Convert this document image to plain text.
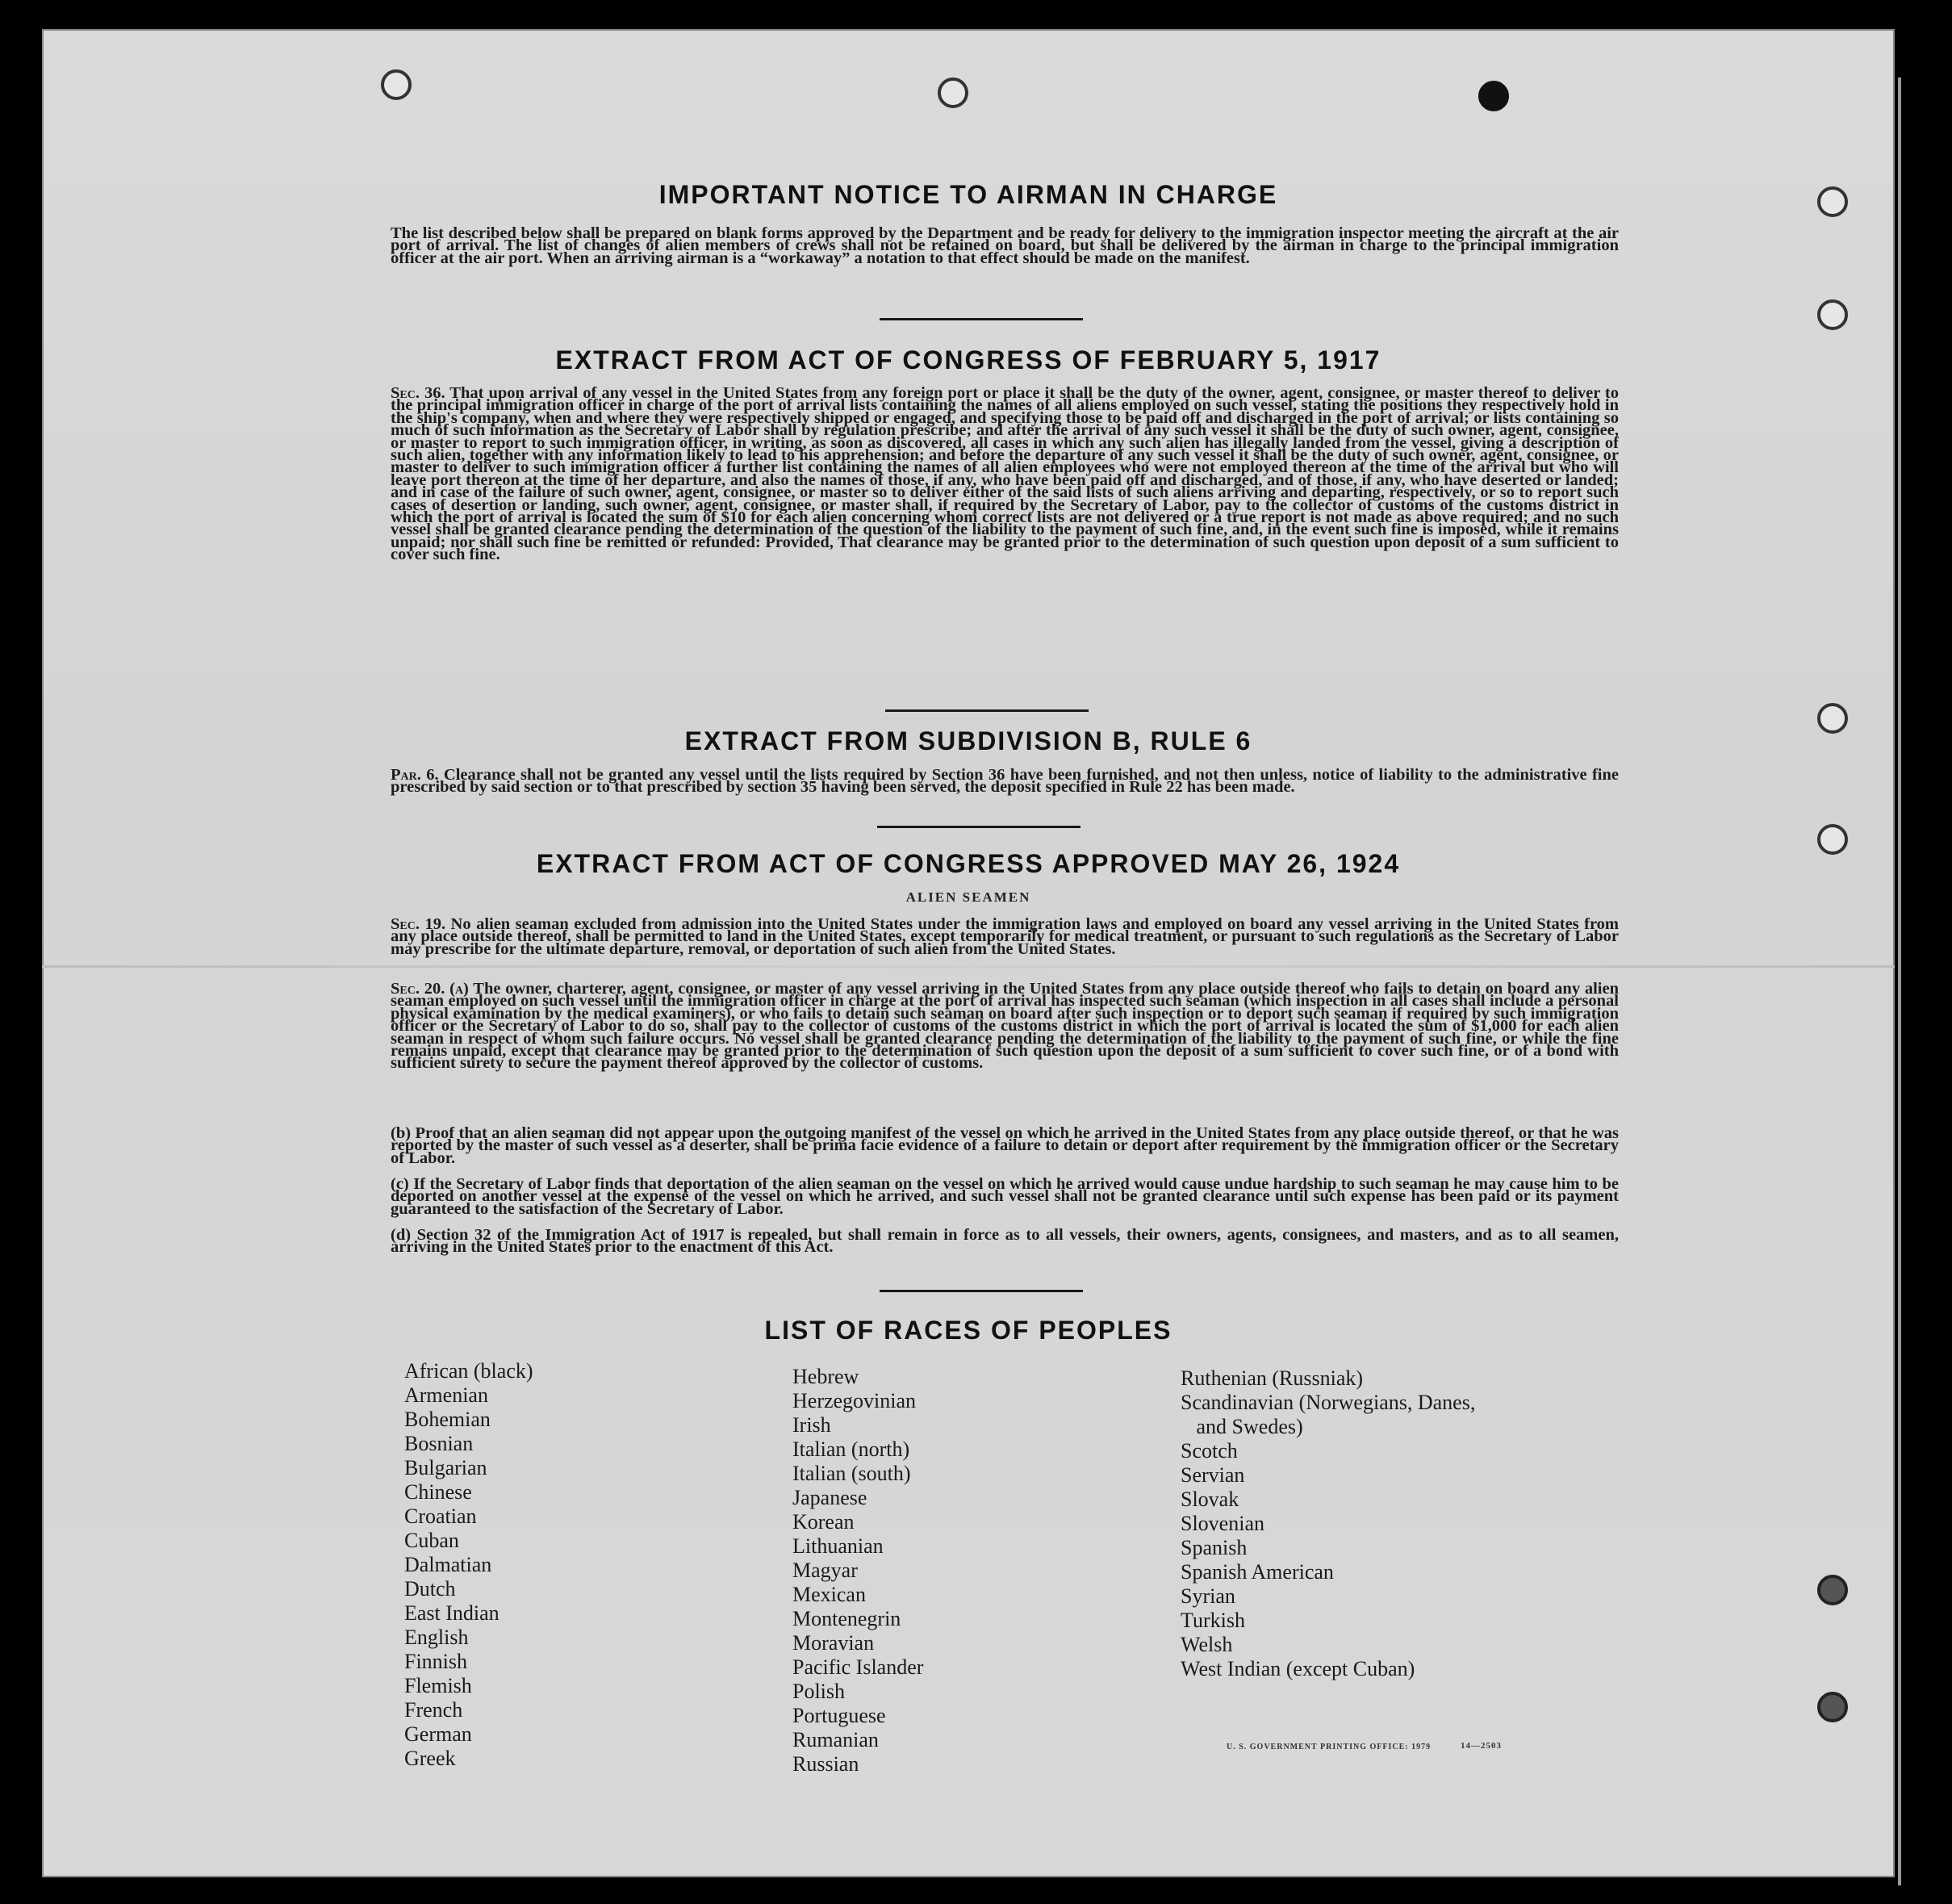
IMPORTANT NOTICE TO AIRMAN IN CHARGE

The list described below shall be prepared on blank forms approved by the Department and be ready for delivery to the immigration inspector meeting the aircraft at the air port of arrival. The list of changes of alien members of crews shall not be retained on board, but shall be delivered by the airman in charge to the principal immigration officer at the air port. When an arriving airman is a “workaway” a notation to that effect should be made on the manifest.

EXTRACT FROM ACT OF CONGRESS OF FEBRUARY 5, 1917

Sec. 36. That upon arrival of any vessel in the United States from any foreign port or place it shall be the duty of the owner, agent, consignee, or master thereof to deliver to the principal immigration officer in charge of the port of arrival lists containing the names of all aliens employed on such vessel, stating the positions they respectively hold in the ship's company, when and where they were respectively shipped or engaged, and specifying those to be paid off and discharged in the port of arrival; or lists containing so much of such information as the Secretary of Labor shall by regulation prescribe; and after the arrival of any such vessel it shall be the duty of such owner, agent, consignee, or master to report to such immigration officer, in writing, as soon as discovered, all cases in which any such alien has illegally landed from the vessel, giving a description of such alien, together with any information likely to lead to his apprehension; and before the departure of any such vessel it shall be the duty of such owner, agent, consignee, or master to deliver to such immigration officer a further list containing the names of all alien employees who were not employed thereon at the time of the arrival but who will leave port thereon at the time of her departure, and also the names of those, if any, who have been paid off and discharged, and of those, if any, who have deserted or landed; and in case of the failure of such owner, agent, consignee, or master so to deliver either of the said lists of such aliens arriving and departing, respectively, or so to report such cases of desertion or landing, such owner, agent, consignee, or master shall, if required by the Secretary of Labor, pay to the collector of customs of the customs district in which the port of arrival is located the sum of $10 for each alien concerning whom correct lists are not delivered or a true report is not made as above required; and no such vessel shall be granted clearance pending the determination of the question of the liability to the payment of such fine, and, in the event such fine is imposed, while it remains unpaid; nor shall such fine be remitted or refunded: Provided, That clearance may be granted prior to the determination of such question upon deposit of a sum sufficient to cover such fine.

EXTRACT FROM SUBDIVISION B, RULE 6

Par. 6. Clearance shall not be granted any vessel until the lists required by Section 36 have been furnished, and not then unless, notice of liability to the administrative fine prescribed by said section or to that prescribed by section 35 having been served, the deposit specified in Rule 22 has been made.

EXTRACT FROM ACT OF CONGRESS APPROVED MAY 26, 1924
ALIEN SEAMEN

Sec. 19. No alien seaman excluded from admission into the United States under the immigration laws and employed on board any vessel arriving in the United States from any place outside thereof, shall be permitted to land in the United States, except temporarily for medical treatment, or pursuant to such regulations as the Secretary of Labor may prescribe for the ultimate departure, removal, or deportation of such alien from the United States.

Sec. 20. (a) The owner, charterer, agent, consignee, or master of any vessel arriving in the United States from any place outside thereof who fails to detain on board any alien seaman employed on such vessel until the immigration officer in charge at the port of arrival has inspected such seaman (which inspection in all cases shall include a personal physical examination by the medical examiners), or who fails to detain such seaman on board after such inspection or to deport such seaman if required by such immigration officer or the Secretary of Labor to do so, shall pay to the collector of customs of the customs district in which the port of arrival is located the sum of $1,000 for each alien seaman in respect of whom such failure occurs. No vessel shall be granted clearance pending the determination of the liability to the payment of such fine, or while the fine remains unpaid, except that clearance may be granted prior to the determination of such question upon the deposit of a sum sufficient to cover such fine, or of a bond with sufficient surety to secure the payment thereof approved by the collector of customs.

(b) Proof that an alien seaman did not appear upon the outgoing manifest of the vessel on which he arrived in the United States from any place outside thereof, or that he was reported by the master of such vessel as a deserter, shall be prima facie evidence of a failure to detain or deport after requirement by the immigration officer or the Secretary of Labor.

(c) If the Secretary of Labor finds that deportation of the alien seaman on the vessel on which he arrived would cause undue hardship to such seaman he may cause him to be deported on another vessel at the expense of the vessel on which he arrived, and such vessel shall not be granted clearance until such expense has been paid or its payment guaranteed to the satisfaction of the Secretary of Labor.

(d) Section 32 of the Immigration Act of 1917 is repealed, but shall remain in force as to all vessels, their owners, agents, consignees, and masters, and as to all seamen, arriving in the United States prior to the enactment of this Act.

LIST OF RACES OF PEOPLES
African (black)
Armenian
Bohemian
Bosnian
Bulgarian
Chinese
Croatian
Cuban
Dalmatian
Dutch
East Indian
English
Finnish
Flemish
French
German
Greek
Hebrew
Herzegovinian
Irish
Italian (north)
Italian (south)
Japanese
Korean
Lithuanian
Magyar
Mexican
Montenegrin
Moravian
Pacific Islander
Polish
Portuguese
Rumanian
Russian
Ruthenian (Russniak)
Scandinavian (Norwegians, Danes,
and Swedes)
Scotch
Servian
Slovak
Slovenian
Spanish
Spanish American
Syrian
Turkish
Welsh
West Indian (except Cuban)
U. S. GOVERNMENT PRINTING OFFICE: 1979	14—2503
